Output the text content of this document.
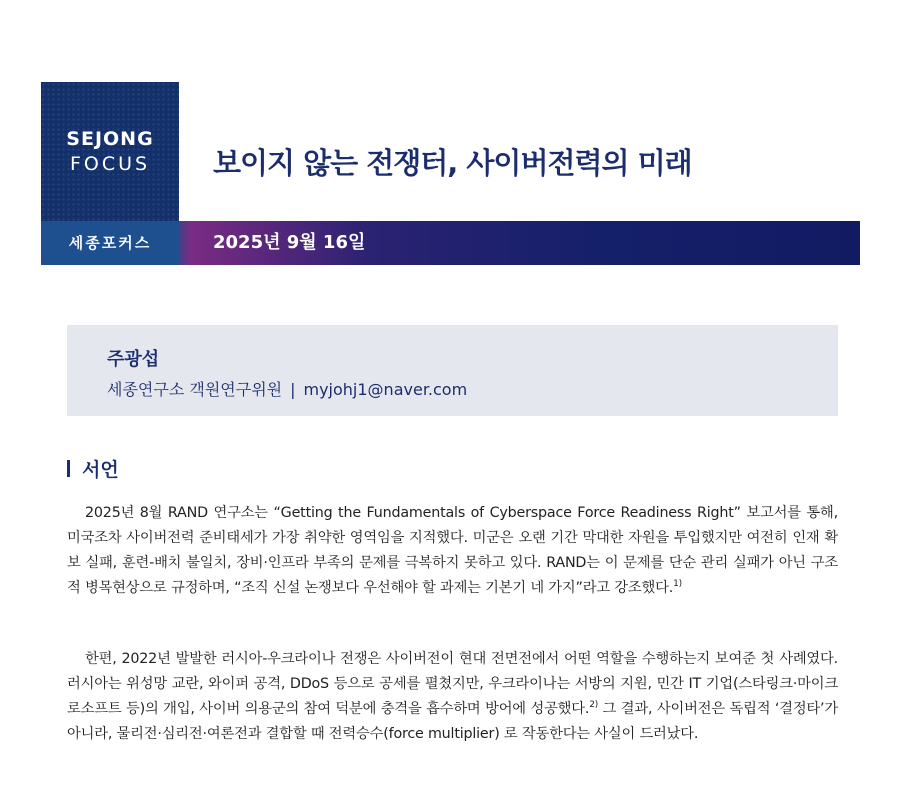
SEJONG
FOCUS	보이지 않는 전쟁터, 사이버전력의 미래
세종포커스	2025년 9월 16일
주광섭
세종연구소 객원연구위원 | myjohj1@naver.com
서언
2025년 8월 RAND 연구소는 “Getting the Fundamentals of Cyberspace Force Readiness Right” 보고서를 통해, 미국조차 사이버전력 준비태세가 가장 취약한 영역임을 지적했다. 미군은 오랜 기간 막대한 자원을 투입했지만 여전히 인재 확보 실패, 훈련-배치 불일치, 장비·인프라 부족의 문제를 극복하지 못하고 있다. RAND는 이 문제를 단순 관리 실패가 아닌 구조적 병목현상으로 규정하며, “조직 신설 논쟁보다 우선해야 할 과제는 기본기 네 가지”라고 강조했다.$^{1)}$
한편, 2022년 발발한 러시아-우크라이나 전쟁은 사이버전이 현대 전면전에서 어떤 역할을 수행하는지 보여준 첫 사례였다. 러시아는 위성망 교란, 와이퍼 공격, DDoS 등으로 공세를 펼쳤지만, 우크라이나는 서방의 지원, 민간 IT 기업(스타링크·마이크로소프트 등)의 개입, 사이버 의용군의 참여 덕분에 충격을 흡수하며 방어에 성공했다.$^{2)}$ 그 결과, 사이버전은 독립적 ‘결정타’가 아니라, 물리전·심리전·여론전과 결합할 때 전력승수(force multiplier) 로 작동한다는 사실이 드러났다.
